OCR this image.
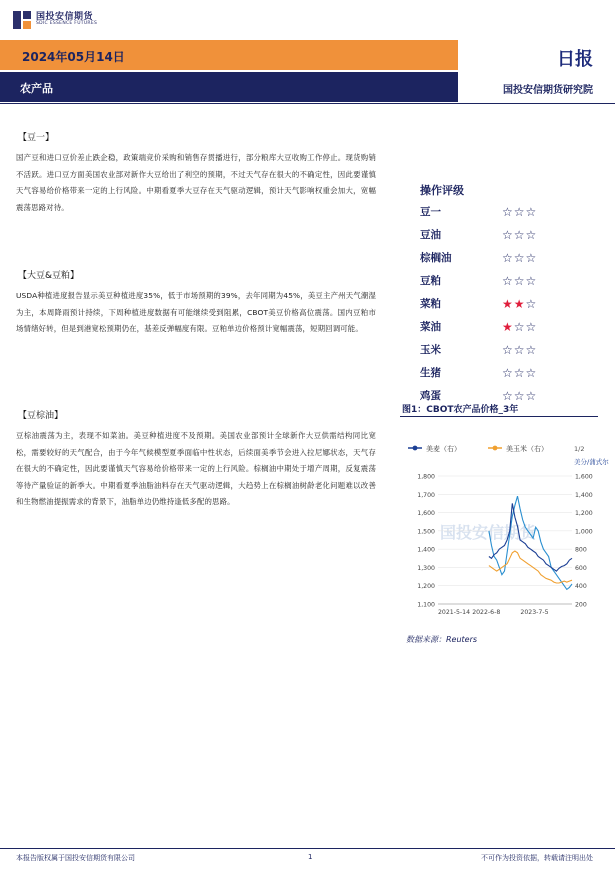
国投安信期货
SDIC ESSENCE FUTURES
2024年05月14日	日报
农产品	国投安信期货研究院
【豆一】
国产豆和进口豆价差止跌企稳，政策端竞价采购和销售存贯播进行，部分粮库大豆收购工作停止。现货购销不活跃。进口豆方面美国农业部对新作大豆给出了利空的预期，不过天气存在很大的不确定性，因此要谨慎天气容易给价格带来一定的上行风险。中期看夏季大豆存在天气驱动逻辑，预计天气影响权重会加大，宽幅震荡思路对待。
【大豆&豆粕】
USDA种植进度报告显示美豆种植进度35%，低于市场预期的39%，去年同期为45%，美豆主产州天气潮湿为主，本周降雨预计持续，下周种植进度数据有可能继续受到阻累，CBOT美豆价格高位震荡。国内豆粕市场情绪好转，但是到港宽松预期仍在，基差反弹幅度有限。豆粕单边价格预计宽幅震荡，短期回调可能。
【豆棕油】
豆棕油震荡为主，表现不如菜油。美豆种植进度不及预期。美国农业部预计全球新作大豆供需结构同比宽松，需要较好的天气配合，由于今年气候模型夏季面临中性状态，后续面美季节会进入拉尼娜状态，天气存在很大的不确定性，因此要谨慎天气容易给价格带来一定的上行风险。棕榈油中期处于增产周期，反复震荡等待产量验证的新季大。中期看夏季油脂油料存在天气驱动逻辑，大趋势上在棕榈油树龄老化问题难以改善和生物燃油提振需求的背景下，油脂单边仍维持逢低多配的思路。
操作评级
豆一	☆☆☆
豆油	☆☆☆
棕榈油	☆☆☆
豆粕	☆☆☆
菜粕	★★☆
菜油	★☆☆
玉米	☆☆☆
生猪	☆☆☆
鸡蛋	☆☆☆
图1：CBOT农产品价格_3年
国投安信期货
美麦（右）	美玉米（右）	1/2
美分/蒲式尔
1,100
1,200
1,300
1,400
1,500
1,600
1,700
1,800
200
400
600
800
1,000
1,200
1,400
1,600
2021-5-14 2022-6-8	2023-7-5
数据来源：Reuters
本报告版权属于国投安信期货有限公司	1	不可作为投资依据，转载请注明出处
